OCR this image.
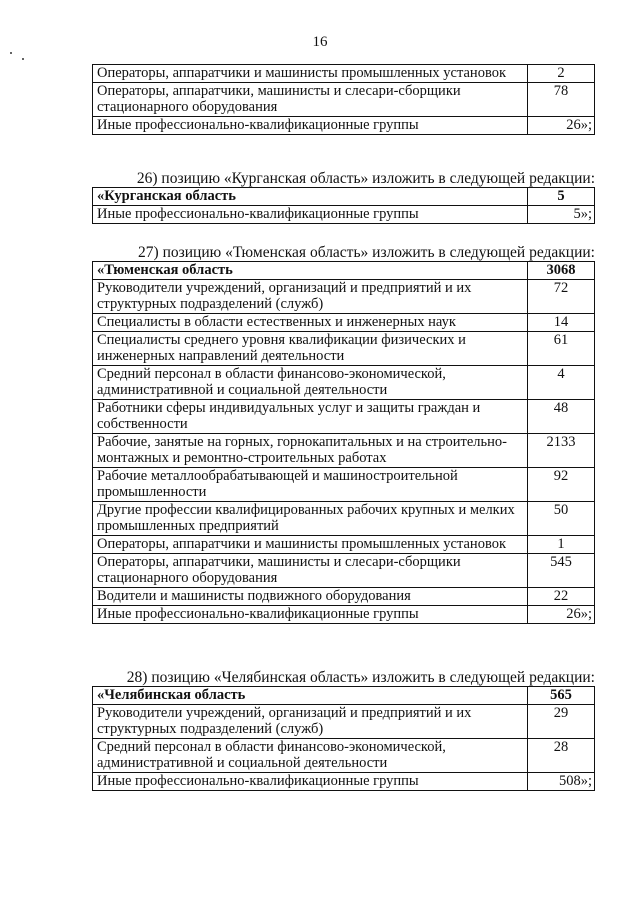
16
Операторы, аппаратчики и машинисты промышленных установок	2
Операторы, аппаратчики, машинисты и слесари-сборщики стационарного оборудования	78
Иные профессионально-квалификационные группы	26»;
26) позицию «Курганская область» изложить в следующей редакции:
«Курганская область	5
Иные профессионально-квалификационные группы	5»;
27) позицию «Тюменская область» изложить в следующей редакции:
«Тюменская область	3068
Руководители учреждений, организаций и предприятий и их структурных подразделений (служб)	72
Специалисты в области естественных и инженерных наук	14
Специалисты среднего уровня квалификации физических и инженерных направлений деятельности	61
Средний персонал в области финансово-экономической, административной и социальной деятельности	4
Работники сферы индивидуальных услуг и защиты граждан и собственности	48
Рабочие, занятые на горных, горнокапитальных и на строительно-монтажных и ремонтно-строительных работах	2133
Рабочие металлообрабатывающей и машиностроительной промышленности	92
Другие профессии квалифицированных рабочих крупных и мелких промышленных предприятий	50
Операторы, аппаратчики и машинисты промышленных установок	1
Операторы, аппаратчики, машинисты и слесари-сборщики стационарного оборудования	545
Водители и машинисты подвижного оборудования	22
Иные профессионально-квалификационные группы	26»;
28) позицию «Челябинская область» изложить в следующей редакции:
«Челябинская область	565
Руководители учреждений, организаций и предприятий и их структурных подразделений (служб)	29
Средний персонал в области финансово-экономической, административной и социальной деятельности	28
Иные профессионально-квалификационные группы	508»;
